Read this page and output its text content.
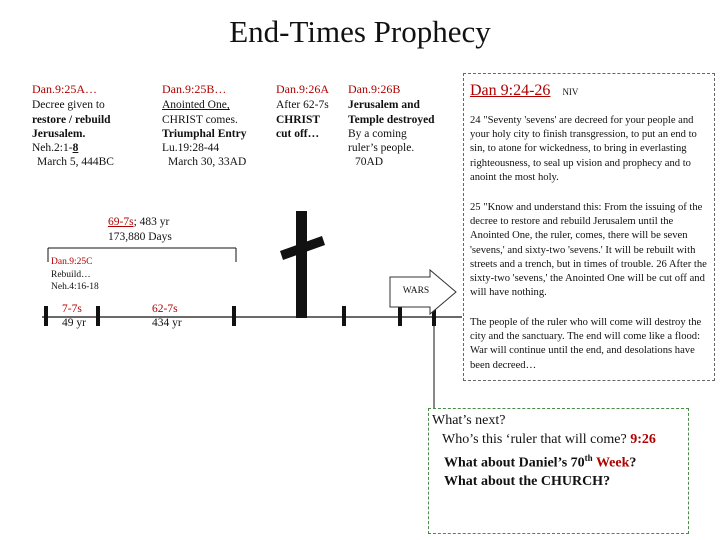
End-Times Prophecy
Dan.9:25A…
Decree given to
restore / rebuild
Jerusalem.
Neh.2:1-8
March 5, 444BC
Dan.9:25B…
Anointed One,
CHRIST comes.
Triumphal Entry
Lu.19:28-44
March 30, 33AD
Dan.9:26A
After 62-7s
CHRIST
cut off…
Dan.9:26B
Jerusalem and
Temple destroyed
By a coming
ruler’s people.
70AD
Dan 9:24-26 NIV
24 "Seventy 'sevens' are decreed for your people and your holy city to finish transgression, to put an end to sin, to atone for wickedness, to bring in everlasting righteousness, to seal up vision and prophecy and to anoint the most holy.
25 "Know and understand this: From the issuing of the decree to restore and rebuild Jerusalem until the Anointed One, the ruler, comes, there will be seven 'sevens,' and sixty-two 'sevens.' It will be rebuilt with streets and a trench, but in times of trouble. 26 After the sixty-two 'sevens,' the Anointed One will be cut off and will have nothing.
The people of the ruler who will come will destroy the city and the sanctuary. The end will come like a flood: War will continue until the end, and desolations have been decreed…
69-7s; 483 yr
173,880 Days
Dan.9:25C
Rebuild…
Neh.4:16-18	WARS
7-7s
49 yr
62-7s
434 yr
What’s next?
Who’s this ‘ruler that will come? 9:26
What about Daniel’s 70th Week?
What about the CHURCH?
